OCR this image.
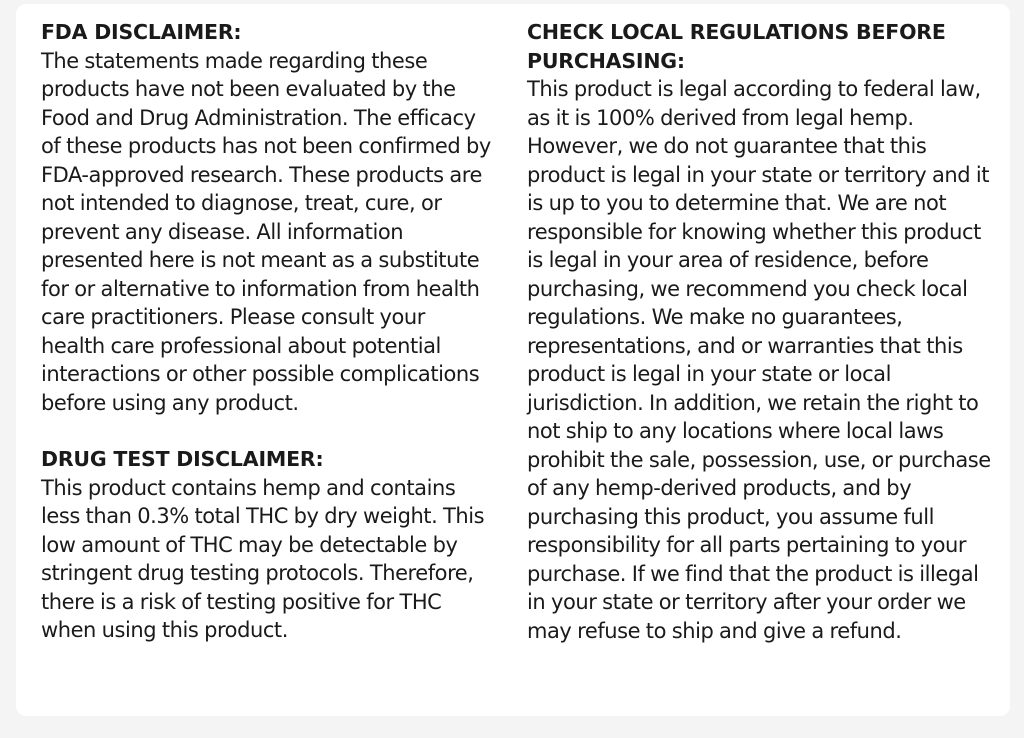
FDA DISCLAIMER:

The statements made regarding these products have not been evaluated by the Food and Drug Administration. The efficacy of these products has not been confirmed by FDA-approved research. These products are not intended to diagnose, treat, cure, or prevent any disease. All information presented here is not meant as a substitute for or alternative to information from health care practitioners. Please consult your health care professional about potential interactions or other possible complications before using any product.

DRUG TEST DISCLAIMER:

This product contains hemp and contains less than 0.3% total THC by dry weight. This low amount of THC may be detectable by stringent drug testing protocols. Therefore, there is a risk of testing positive for THC when using this product.

CHECK LOCAL REGULATIONS BEFORE PURCHASING:

This product is legal according to federal law, as it is 100% derived from legal hemp. However, we do not guarantee that this product is legal in your state or territory and it is up to you to determine that. We are not responsible for knowing whether this product is legal in your area of residence, before purchasing, we recommend you check local regulations. We make no guarantees, representations, and or warranties that this product is legal in your state or local jurisdiction. In addition, we retain the right to not ship to any locations where local laws prohibit the sale, possession, use, or purchase of any hemp-derived products, and by purchasing this product, you assume full responsibility for all parts pertaining to your purchase. If we find that the product is illegal in your state or territory after your order we may refuse to ship and give a refund.
